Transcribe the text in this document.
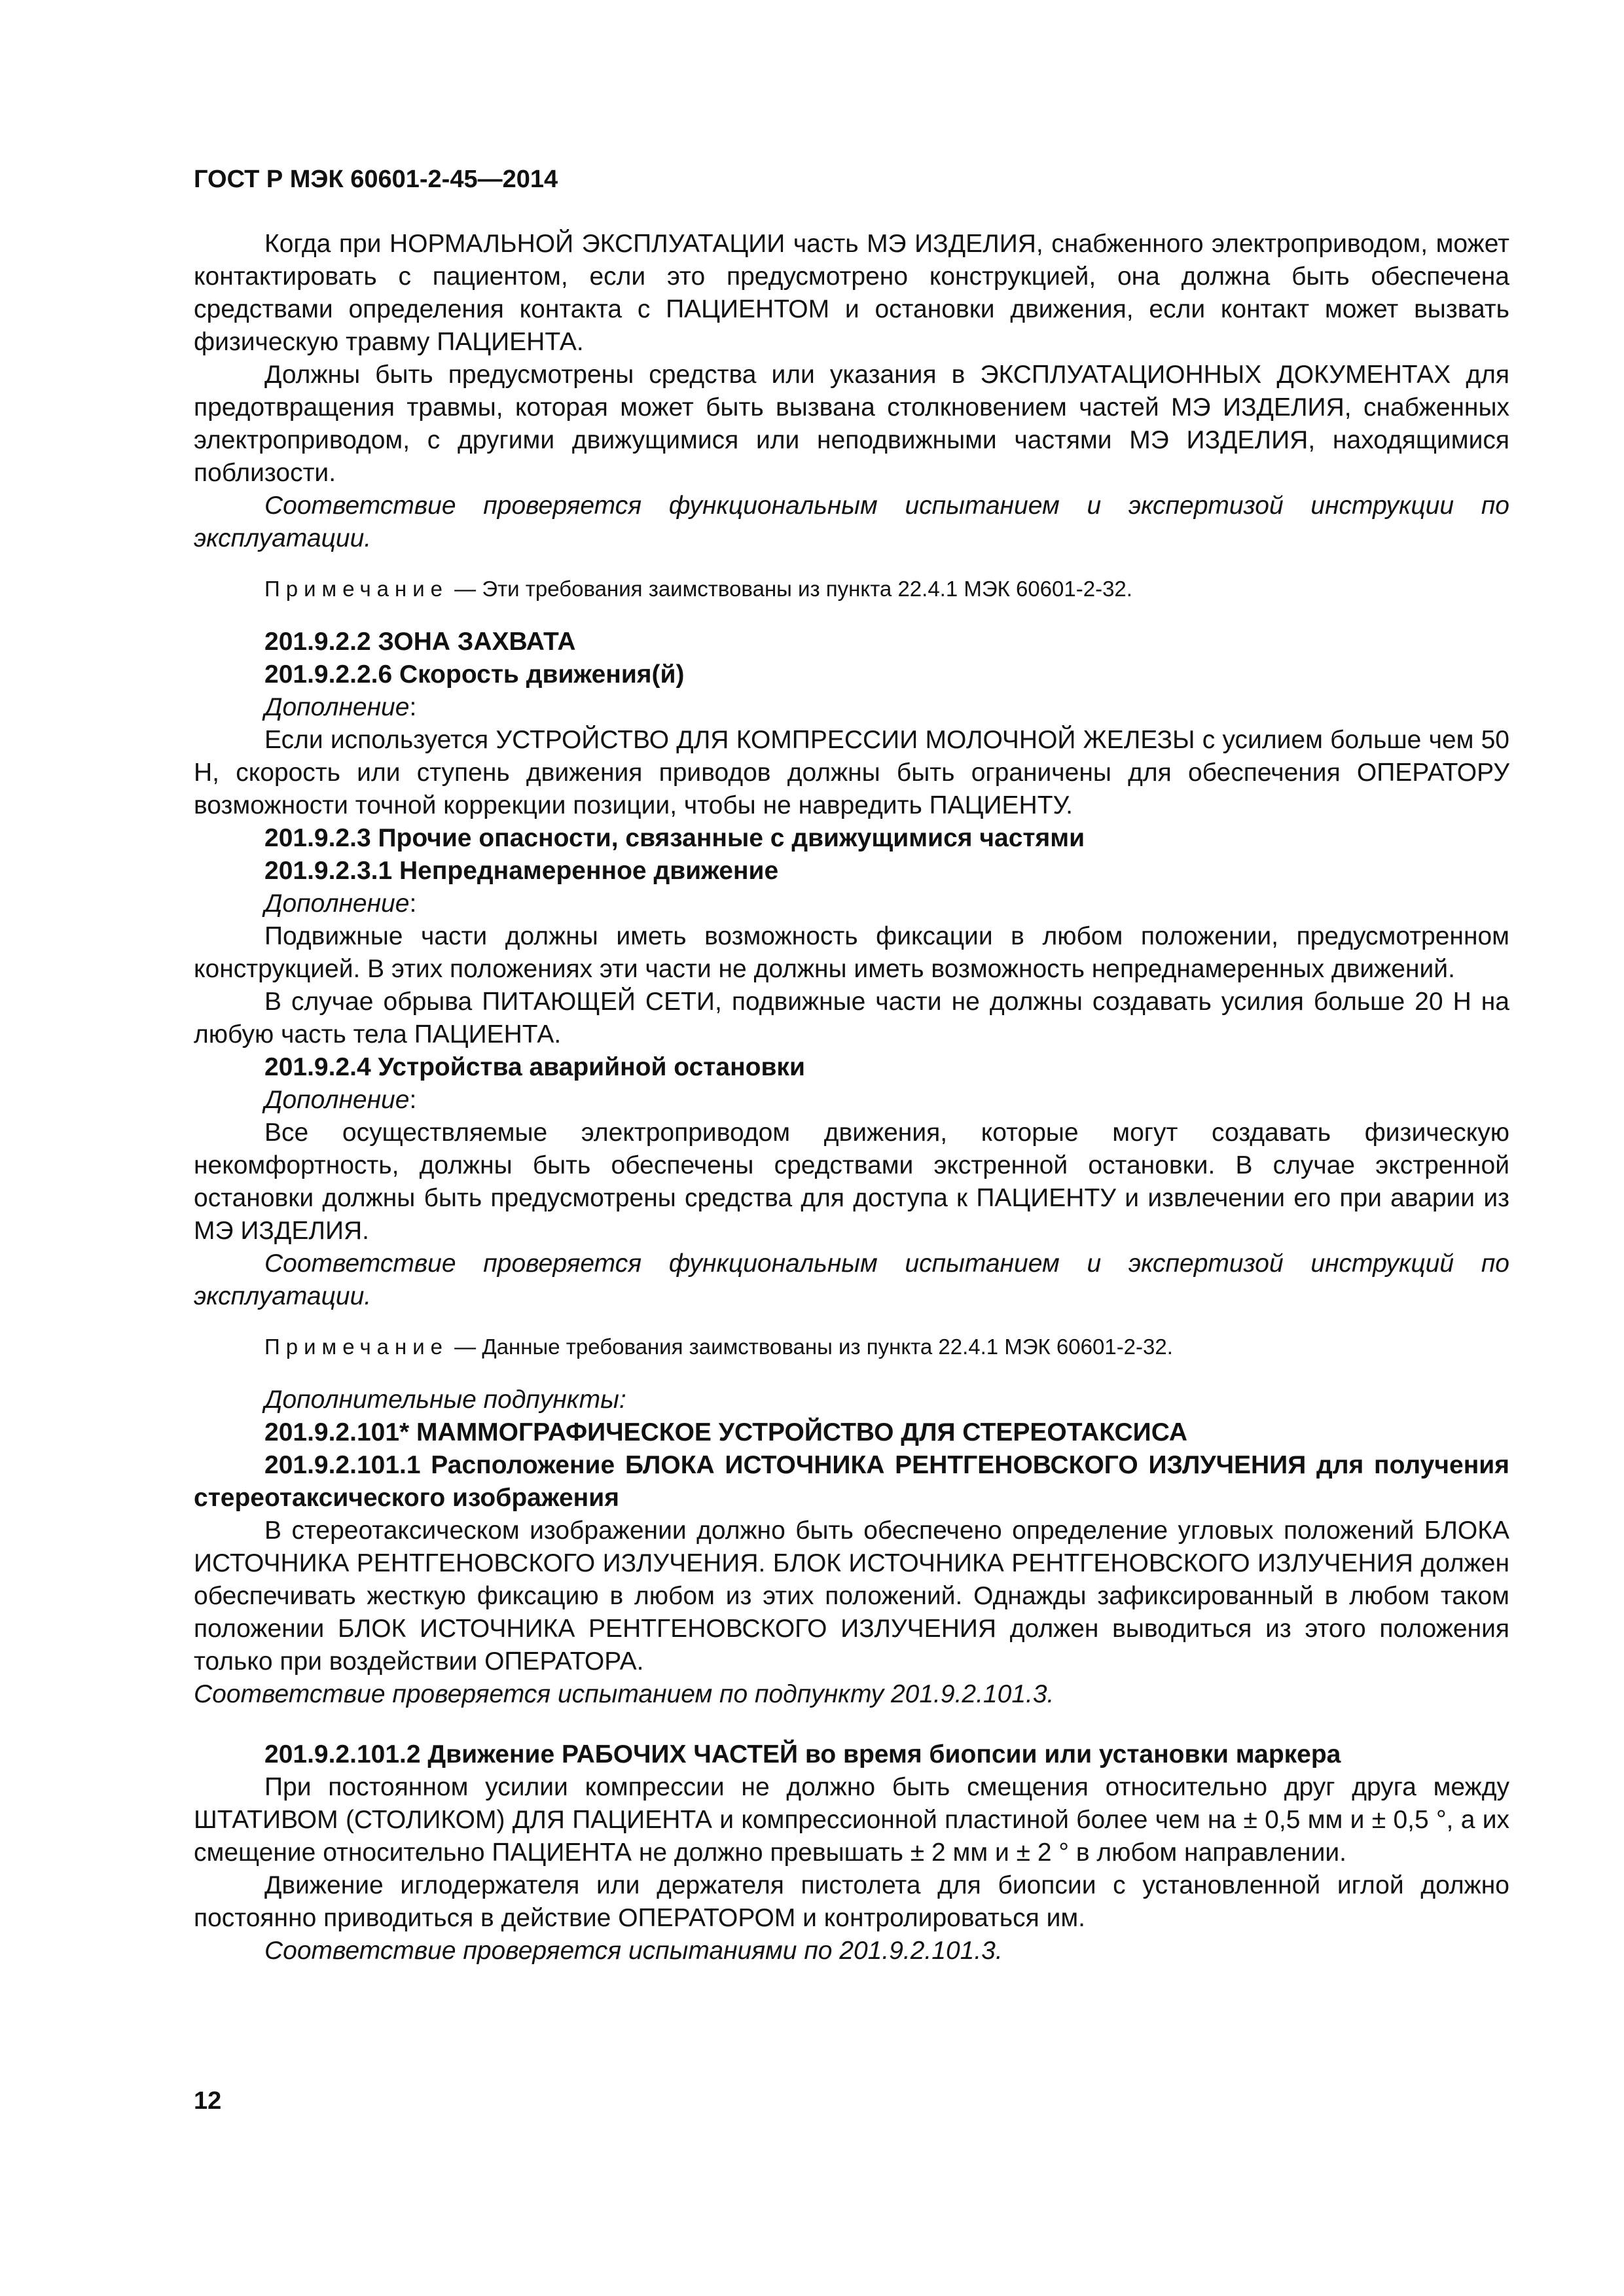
ГОСТ Р МЭК 60601-2-45—2014

Когда при НОРМАЛЬНОЙ ЭКСПЛУАТАЦИИ часть МЭ ИЗДЕЛИЯ, снабженного электроприводом, может контактировать с пациентом, если это предусмотрено конструкцией, она должна быть обеспечена средствами определения контакта с ПАЦИЕНТОМ и остановки движения, если контакт может вызвать физическую травму ПАЦИЕНТА.

Должны быть предусмотрены средства или указания в ЭКСПЛУАТАЦИОННЫХ ДОКУМЕНТАХ для предотвращения травмы, которая может быть вызвана столкновением частей МЭ ИЗДЕЛИЯ, снабженных электроприводом, с другими движущимися или неподвижными частями МЭ ИЗДЕЛИЯ, находящимися поблизости.

Соответствие проверяется функциональным испытанием и экспертизой инструкции по эксплуатации.

Примечание — Эти требования заимствованы из пункта 22.4.1 МЭК 60601-2-32.

201.9.2.2 ЗОНА ЗАХВАТА

201.9.2.2.6 Скорость движения(й)

Дополнение:

Если используется УСТРОЙСТВО ДЛЯ КОМПРЕССИИ МОЛОЧНОЙ ЖЕЛЕЗЫ с усилием больше чем 50 Н, скорость или ступень движения приводов должны быть ограничены для обеспечения ОПЕРАТОРУ возможности точной коррекции позиции, чтобы не навредить ПАЦИЕНТУ.

201.9.2.3 Прочие опасности, связанные с движущимися частями

201.9.2.3.1 Непреднамеренное движение

Дополнение:

Подвижные части должны иметь возможность фиксации в любом положении, предусмотренном конструкцией. В этих положениях эти части не должны иметь возможность непреднамеренных движений.

В случае обрыва ПИТАЮЩЕЙ СЕТИ, подвижные части не должны создавать усилия больше 20 Н на любую часть тела ПАЦИЕНТА.

201.9.2.4 Устройства аварийной остановки

Дополнение:

Все осуществляемые электроприводом движения, которые могут создавать физическую некомфортность, должны быть обеспечены средствами экстренной остановки. В случае экстренной остановки должны быть предусмотрены средства для доступа к ПАЦИЕНТУ и извлечении его при аварии из МЭ ИЗДЕЛИЯ.

Соответствие проверяется функциональным испытанием и экспертизой инструкций по эксплуатации.

Примечание — Данные требования заимствованы из пункта 22.4.1 МЭК 60601-2-32.

Дополнительные подпункты:

201.9.2.101* МАММОГРАФИЧЕСКОЕ УСТРОЙСТВО ДЛЯ СТЕРЕОТАКСИСА

201.9.2.101.1 Расположение БЛОКА ИСТОЧНИКА РЕНТГЕНОВСКОГО ИЗЛУЧЕНИЯ для получения стереотаксического изображения

В стереотаксическом изображении должно быть обеспечено определение угловых положений БЛОКА ИСТОЧНИКА РЕНТГЕНОВСКОГО ИЗЛУЧЕНИЯ. БЛОК ИСТОЧНИКА РЕНТГЕНОВСКОГО ИЗЛУЧЕНИЯ должен обеспечивать жесткую фиксацию в любом из этих положений. Однажды зафиксированный в любом таком положении БЛОК ИСТОЧНИКА РЕНТГЕНОВСКОГО ИЗЛУЧЕНИЯ должен выводиться из этого положения только при воздействии ОПЕРАТОРА.

Соответствие проверяется испытанием по подпункту 201.9.2.101.3.

201.9.2.101.2 Движение РАБОЧИХ ЧАСТЕЙ во время биопсии или установки маркера

При постоянном усилии компрессии не должно быть смещения относительно друг друга между ШТАТИВОМ (СТОЛИКОМ) ДЛЯ ПАЦИЕНТА и компрессионной пластиной более чем на ± 0,5 мм и ± 0,5 °, а их смещение относительно ПАЦИЕНТА не должно превышать ± 2 мм и ± 2 ° в любом направлении.

Движение иглодержателя или держателя пистолета для биопсии с установленной иглой должно постоянно приводиться в действие ОПЕРАТОРОМ и контролироваться им.

Соответствие проверяется испытаниями по 201.9.2.101.3.

12
